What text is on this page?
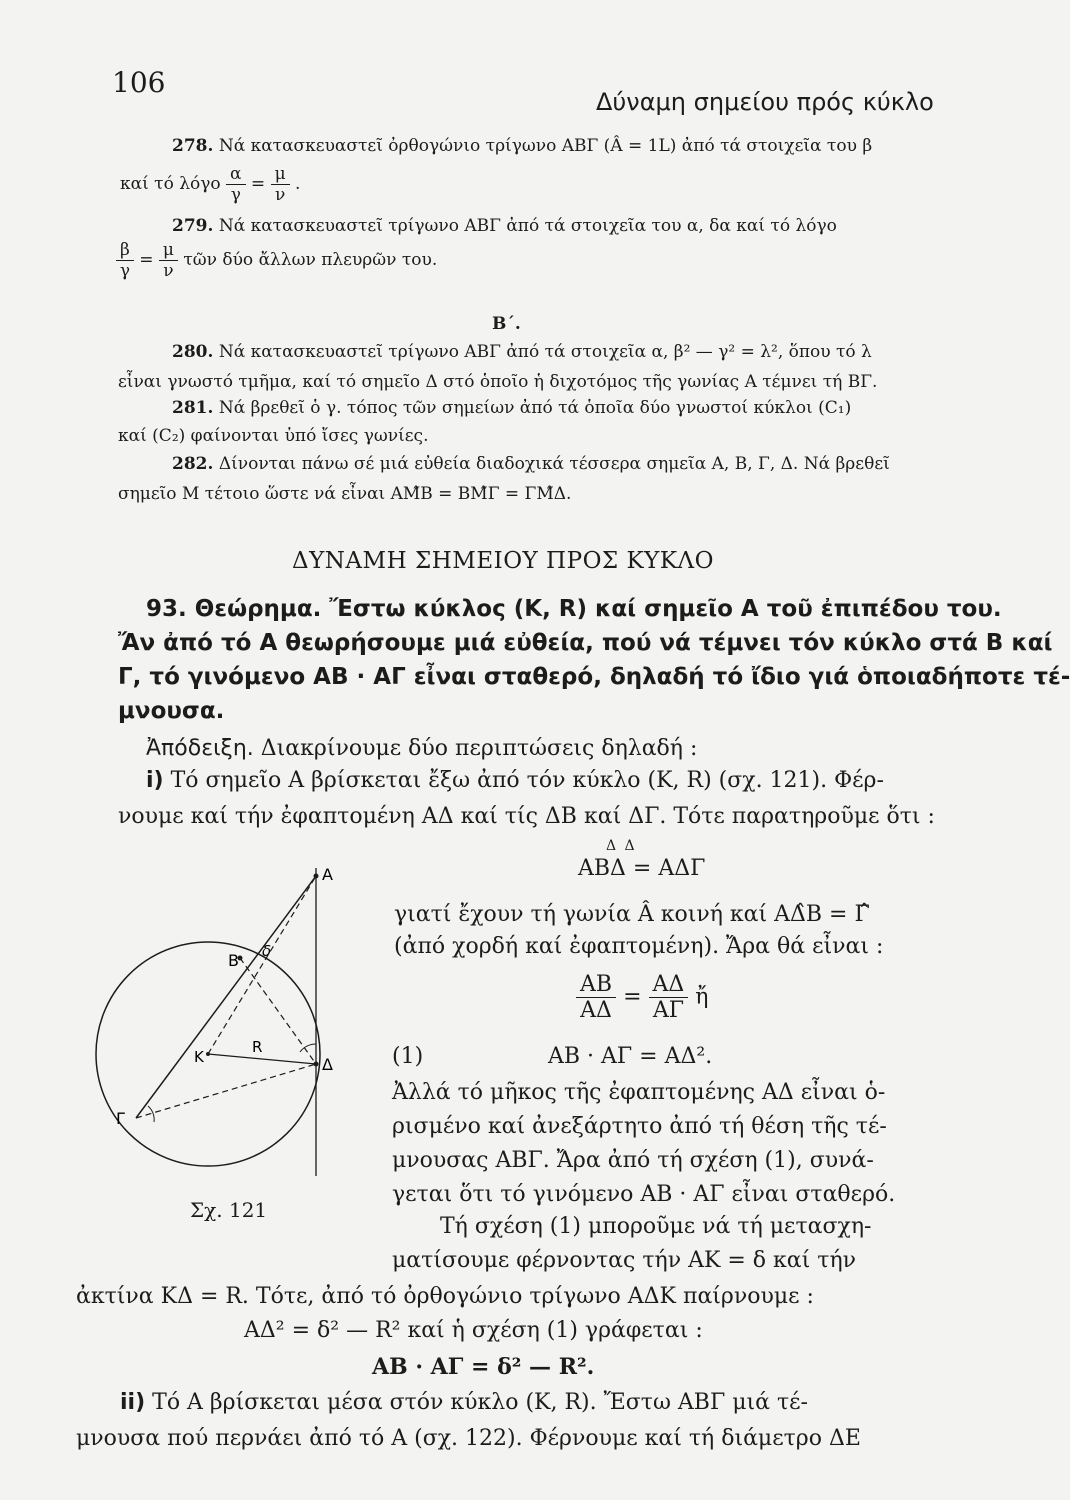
106
Δύναμη σημείου πρός κύκλο
278. Νά κατασκευαστεῖ ὀρθογώνιο τρίγωνο ΑΒΓ (Â = 1L) ἀπό τά στοιχεῖα του β
καί τό λόγο $\frac{\alpha}{\gamma} = \frac{\mu}{\nu}$ .
279. Νά κατασκευαστεῖ τρίγωνο ΑΒΓ ἀπό τά στοιχεῖα του α, δα καί τό λόγο
$\frac{\beta}{\gamma} = \frac{\mu}{\nu}$ τῶν δύο ἄλλων πλευρῶν του.
Β΄.
280. Νά κατασκευαστεῖ τρίγωνο ΑΒΓ ἀπό τά στοιχεῖα α, β² — γ² = λ², ὅπου τό λ
εἶναι γνωστό τμῆμα, καί τό σημεῖο Δ στό ὁποῖο ἡ διχοτόμος τῆς γωνίας Α τέμνει τή ΒΓ.
281. Νά βρεθεῖ ὁ γ. τόπος τῶν σημείων ἀπό τά ὁποῖα δύο γνωστοί κύκλοι (C₁)
καί (C₂) φαίνονται ὑπό ἴσες γωνίες.
282. Δίνονται πάνω σέ μιά εὐθεία διαδοχικά τέσσερα σημεῖα Α, Β, Γ, Δ. Νά βρεθεῖ
σημεῖο Μ τέτοιο ὥστε νά εἶναι ΑΜ̂Β = ΒΜ̂Γ = ΓΜ̂Δ.
ΔΥΝΑΜΗ ΣΗΜΕΙΟΥ ΠΡΟΣ ΚΥΚΛΟ
93. Θεώρημα. Ἔστω κύκλος (Κ, R) καί σημεῖο Α τοῦ ἐπιπέδου του.
Ἄν ἀπό τό Α θεωρήσουμε μιά εὐθεία, πού νά τέμνει τόν κύκλο στά Β καί
Γ, τό γινόμενο ΑΒ · ΑΓ εἶναι σταθερό, δηλαδή τό ἴδιο γιά ὁποιαδήποτε τέ-
μνουσα.
Ἀπόδειξη. Διακρίνουμε δύο περιπτώσεις δηλαδή :
i) Τό σημεῖο Α βρίσκεται ἔξω ἀπό τόν κύκλο (Κ, R) (σχ. 121). Φέρ-
νουμε καί τήν ἐφαπτομένη ΑΔ καί τίς ΔΒ καί ΔΓ. Τότε παρατηροῦμε ὅτι :
Δ Δ
ΑΒΔ = ΑΔΓ
γιατί ἔχουν τή γωνία Â κοινή καί ΑΔ̂Β = Γ̂
(ἀπό χορδή καί ἐφαπτομένη). Ἄρα θά εἶναι :
$\frac{AB}{A\Delta} = \frac{A\Delta}{A\Gamma}$ ἤ
(1)	ΑΒ · ΑΓ = ΑΔ².
Ἀλλά τό μῆκος τῆς ἐφαπτομένης ΑΔ εἶναι ὁ-
ρισμένο καί ἀνεξάρτητο ἀπό τή θέση τῆς τέ-
μνουσας ΑΒΓ. Ἄρα ἀπό τή σχέση (1), συνά-
γεται ὅτι τό γινόμενο ΑΒ · ΑΓ εἶναι σταθερό.
Τή σχέση (1) μποροῦμε νά τή μετασχη-
ματίσουμε φέρνοντας τήν ΑΚ = δ καί τήν
ἀκτίνα ΚΔ = R. Τότε, ἀπό τό ὀρθογώνιο τρίγωνο ΑΔΚ παίρνουμε :
ΑΔ² = δ² — R² καί ἡ σχέση (1) γράφεται :
ΑΒ · ΑΓ = δ² — R².
ii) Τό Α βρίσκεται μέσα στόν κύκλο (Κ, R). Ἔστω ΑΒΓ μιά τέ-
μνουσα πού περνάει ἀπό τό Α (σχ. 122). Φέρνουμε καί τή διάμετρο ΔΕ
A
B δ
K
R
Δ
Γ
Σχ. 121
